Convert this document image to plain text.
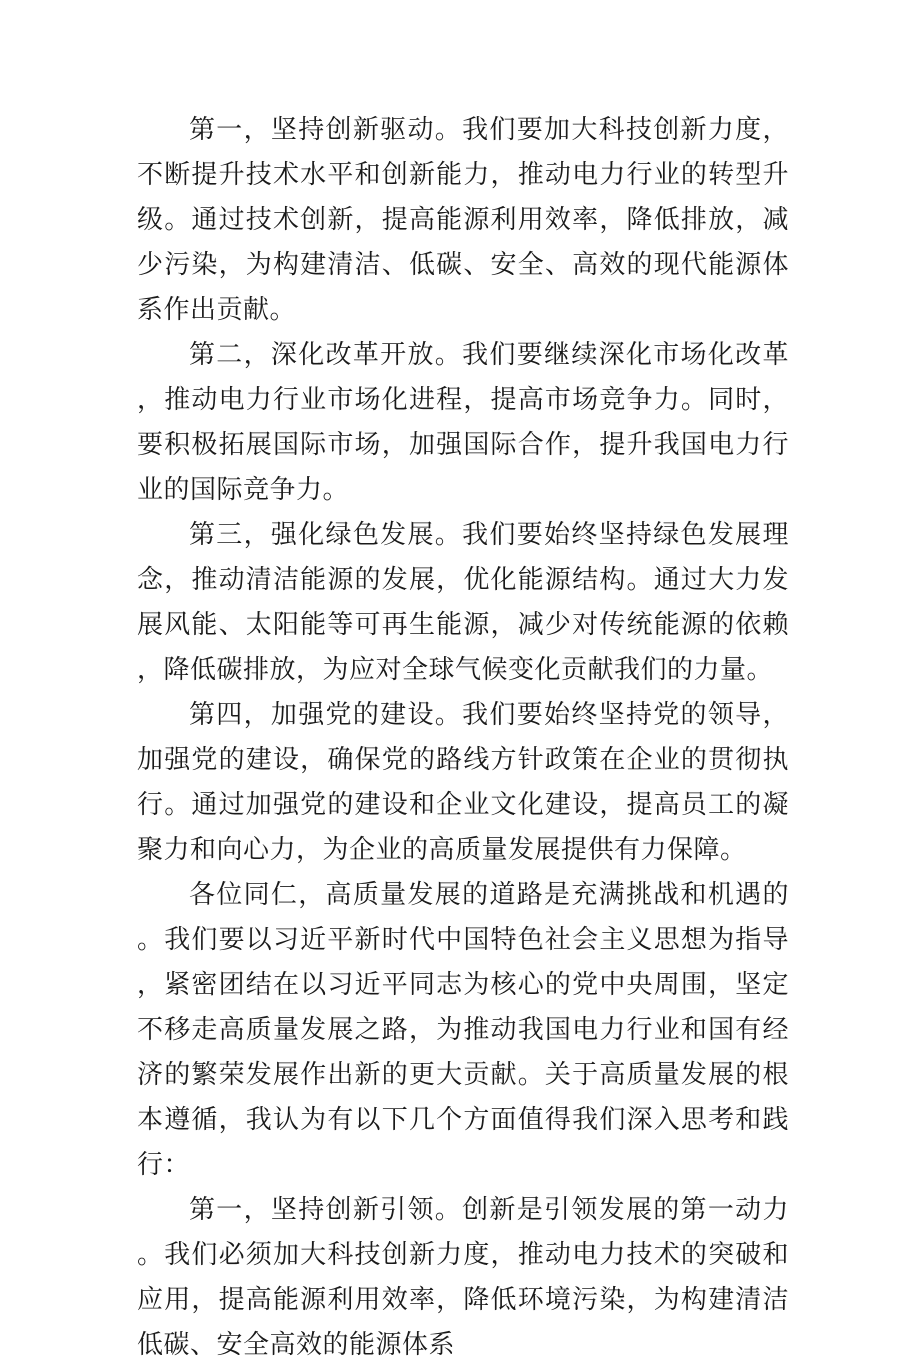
第一，坚持创新驱动。我们要加大科技创新力度，不断提升技术水平和创新能力，推动电力行业的转型升级。通过技术创新，提高能源利用效率，降低排放，减少污染，为构建清洁、低碳、安全、高效的现代能源体系作出贡献。

第二，深化改革开放。我们要继续深化市场化改革，推动电力行业市场化进程，提高市场竞争力。同时，要积极拓展国际市场，加强国际合作，提升我国电力行业的国际竞争力。

第三，强化绿色发展。我们要始终坚持绿色发展理念，推动清洁能源的发展，优化能源结构。通过大力发展风能、太阳能等可再生能源，减少对传统能源的依赖，降低碳排放，为应对全球气候变化贡献我们的力量。

第四，加强党的建设。我们要始终坚持党的领导，加强党的建设，确保党的路线方针政策在企业的贯彻执行。通过加强党的建设和企业文化建设，提高员工的凝聚力和向心力，为企业的高质量发展提供有力保障。

各位同仁，高质量发展的道路是充满挑战和机遇的。我们要以习近平新时代中国特色社会主义思想为指导，紧密团结在以习近平同志为核心的党中央周围，坚定不移走高质量发展之路，为推动我国电力行业和国有经济的繁荣发展作出新的更大贡献。关于高质量发展的根本遵循，我认为有以下几个方面值得我们深入思考和践行：

第一，坚持创新引领。创新是引领发展的第一动力。我们必须加大科技创新力度，推动电力技术的突破和应用，提高能源利用效率，降低环境污染，为构建清洁低碳、安全高效的能源体系
